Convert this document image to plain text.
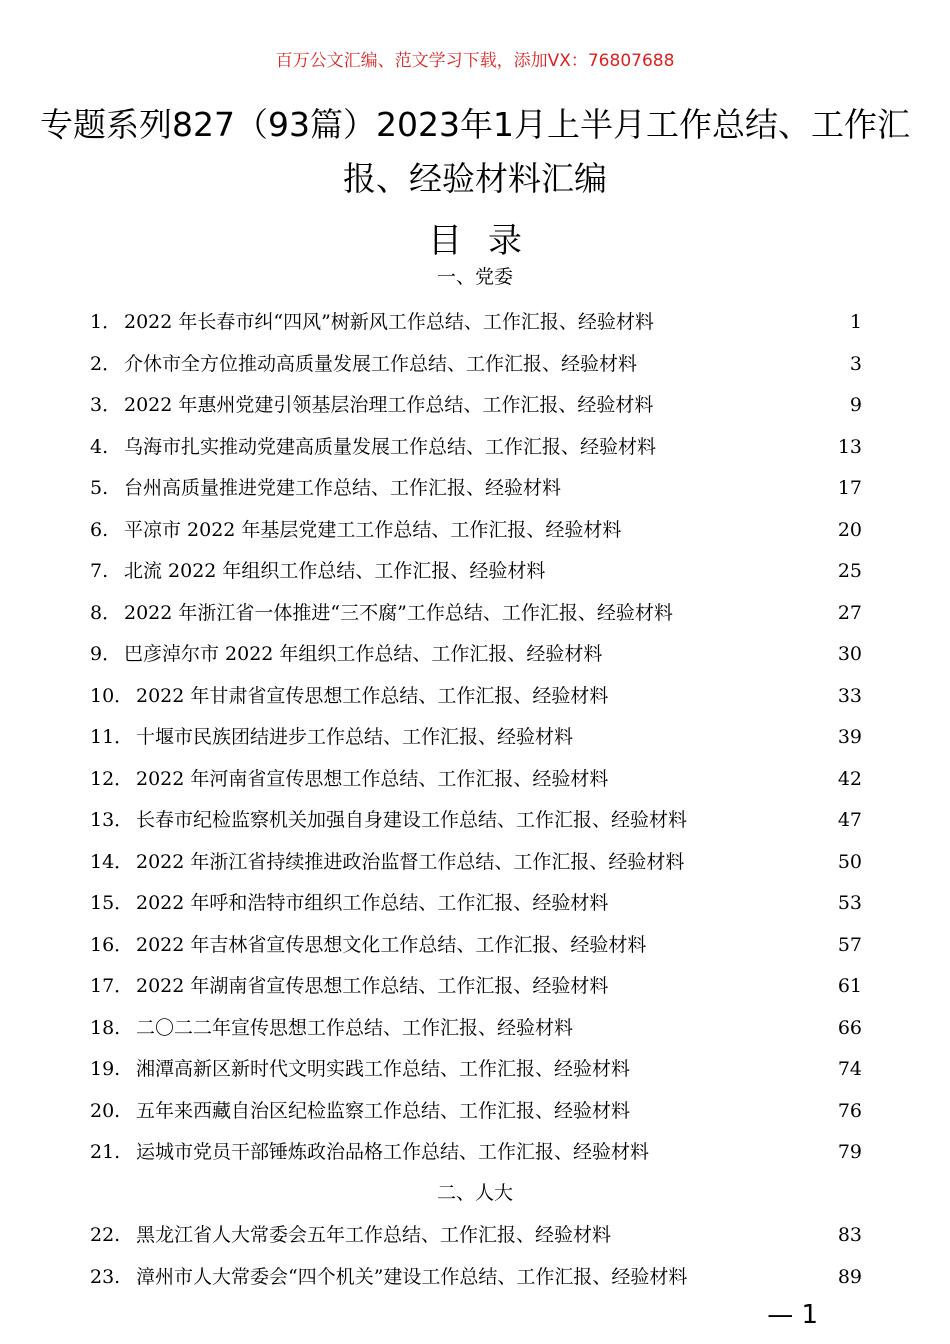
百万公文汇编、范文学习下载，添加VX：76807688
专题系列827（93篇）2023年1月上半月工作总结、工作汇报、经验材料汇编
目录
一、党委
1． 2022 年长春市纠“四风”树新风工作总结、工作汇报、经验材料	1
2． 介休市全方位推动高质量发展工作总结、工作汇报、经验材料	3
3． 2022 年惠州党建引领基层治理工作总结、工作汇报、经验材料	9
4. 乌海市扎实推动党建高质量发展工作总结、工作汇报、经验材料	13
5. 台州高质量推进党建工作总结、工作汇报、经验材料	17
6. 平凉市 2022 年基层党建工工作总结、工作汇报、经验材料	20
7. 北流 2022 年组织工作总结、工作汇报、经验材料	25
8． 2022 年浙江省一体推进“三不腐”工作总结、工作汇报、经验材料	27
9． 巴彦淖尔市 2022 年组织工作总结、工作汇报、经验材料	30
10． 2022 年甘肃省宣传思想工作总结、工作汇报、经验材料	33
11． 十堰市民族团结进步工作总结、工作汇报、经验材料	39
12． 2022 年河南省宣传思想工作总结、工作汇报、经验材料	42
13． 长春市纪检监察机关加强自身建设工作总结、工作汇报、经验材料	47
14． 2022 年浙江省持续推进政治监督工作总结、工作汇报、经验材料	50
15． 2022 年呼和浩特市组织工作总结、工作汇报、经验材料	53
16． 2022 年吉林省宣传思想文化工作总结、工作汇报、经验材料	57
17． 2022 年湖南省宣传思想工作总结、工作汇报、经验材料	61
18. 二〇二二年宣传思想工作总结、工作汇报、经验材料	66
19. 湘潭高新区新时代文明实践工作总结、工作汇报、经验材料	74
20. 五年来西藏自治区纪检监察工作总结、工作汇报、经验材料	76
21. 运城市党员干部锤炼政治品格工作总结、工作汇报、经验材料	79
二、人大
22. 黑龙江省人大常委会五年工作总结、工作汇报、经验材料	83
23. 漳州市人大常委会“四个机关”建设工作总结、工作汇报、经验材料	89
— 1
